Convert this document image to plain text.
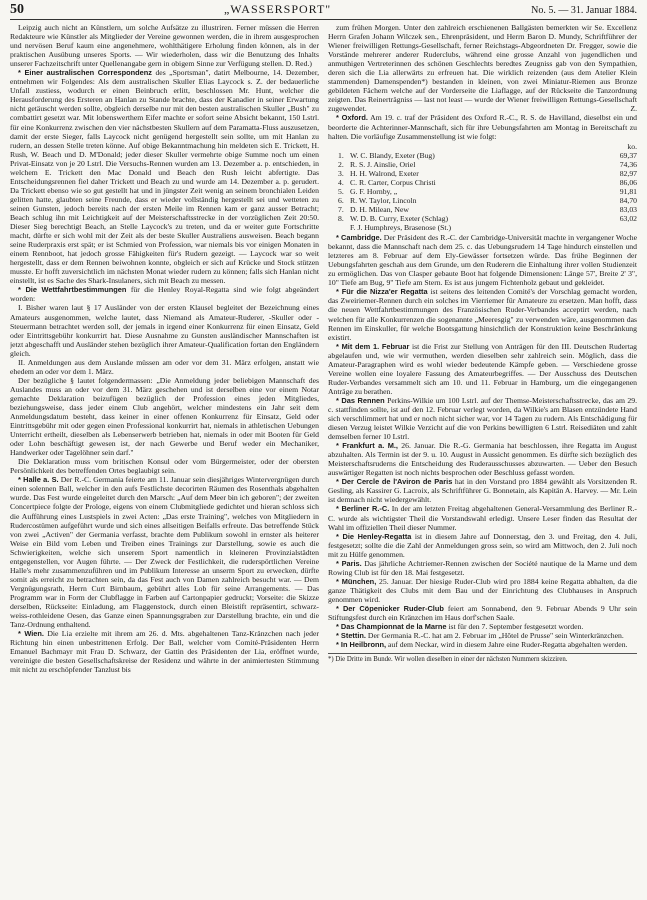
50	„WASSERSPORT"	No. 5. — 31. Januar 1884.

Leipzig auch nicht an Künstlern, um solche Aufsätze zu illustriren. Ferner müssen die Herren Redakteure wie Künstler als Mitglieder der Vereine gewonnen werden, die in ihrem ausgesprochen und nervösen Beruf kaum eine angenehmere, wohlthätigere Erholung finden können, als in der praktischen Ausübung unseres Sports. — Wir wiederholen, dass wir die Benutzung des Inhalts unserer Fachzeitschrift unter Quellenangabe gern in obigem Sinne zur Verfügung stellen. D. Red.)

* Einer australischen Correspondenz des „Sportsman", datirt Melbourne, 14. Dezember, entnehmen wir Folgendes: Als dem australischen Skuller Elias Laycock s. Z. der bedauerliche Unfall zustiess, wodurch er einen Beinbruch erlitt, beschlossen Mr. Hunt, welcher die Herausforderung des Ersteren an Hanlan zu Stande brachte, dass der Kanadier in seiner Erwartung nicht getäuscht werden sollte, obgleich derselbe nur mit den besten australischen Skuller „Bush" zu combattirt gesetzt war. Mit lobenswerthem Eifer machte er sofort seine Absicht bekannt, 150 Lstrl. für eine Konkurrenz zwischen den vier nächstbesten Skullern auf dem Paramatta-Fluss auszusetzen, damit der erste Sieger, falls Laycock nicht genügend hergestellt sein sollte, um mit Hanlan zu rudern, an dessen Stelle treten könne. Auf obige Bekanntmachung hin meldeten sich E. Trickett, H. Rush, W. Beach und D. M'Donald; jeder dieser Skuller vermehrte obige Summe noch um einen Privat-Einsatz von je 20 Lstrl. Die Versuchs-Rennen wurden am 13. Dezember a. p. entschieden, in welchem E. Trickett den Mac Donald und Beach den Rush leicht abfertigte. Das Entscheidungsrennen fiel daher Trickett und Beach zu und wurde am 14. Dezember a. p. gerudert. Da Trickett ebenso wie so gut gestellt hat und in jüngster Zeit wenig an seinem bronchialen Leiden gelitten hatte, glaubten seine Freunde, dass er wieder vollständig hergestellt sei und wetteten zu seinen Gunsten, jedoch bereits nach der ersten Meile im Rennen kam er ganz ausser Betracht; Beach schlug ihn mit Leichtigkeit auf der Meisterschaftsstrecke in der vorzüglichen Zeit 20:50. Dieser Sieg berechtigt Beach, an Stelle Laycock's zu treten, und da er weiter gute Fortschritte macht, dürfte er sich wohl mit der Zeit als der beste Skuller Australiens ausweisen. Beach begann seine Ruderpraxis erst spät; er ist Schmied von Profession, war niemals bis vor einigen Monaten in einem Rennboot, hat jedoch grosse Fähigkeiten für's Rudern gezeigt. — Laycock war so weit hergestellt, dass er dem Rennen beiwohnen konnte, obgleich er sich auf Krücke und Stock stützen musste. Er hofft zuversichtlich im nächsten Monat wieder rudern zu können; falls sich Hanlan nicht einstellt, ist es Sache des Shark-Insulaners, sich mit Beach zu messen.

* Die Wettfahrtbestimmungen für die Henley Royal-Regatta sind wie folgt abgeändert worden:

I. Bisher waren laut § 17 Ausländer von der ersten Klausel begleitet der Bezeichnung eines Amateurs ausgenommen, welche lautet, dass Niemand als Amateur-Ruderer, -Skuller oder -Steuermann betrachtet werden soll, der jemals in irgend einer Konkurrenz für einen Einsatz, Geld oder Eintrittsgebühr konkurrirt hat. Diese Ausnahme zu Gunsten ausländischer Mannschaften ist jetzt abgeschafft und Ausländer stehen bezüglich ihrer Amateur-Qualification fortan den Engländern gleich.

II. Anmeldungen aus dem Auslande müssen am oder vor dem 31. März erfolgen, anstatt wie ehedem an oder vor dem 1. März.

Der bezügliche § lautet folgendermassen: „Die Anmeldung jeder beliebigen Mannschaft des Auslandes muss an oder vor dem 31. März geschehen und ist derselben eine vor einem Notar gemachte Deklaration beizufügen bezüglich der Profession eines jeden Mitgliedes, beziehungsweise, dass jeder einem Club angehört, welcher mindestens ein Jahr seit dem Anmeldungsdatum besteht, dass keiner in einer offenen Konkurrenz für Einsatz, Geld oder Eintrittsgebühr mit oder gegen einen Professional konkurrirt hat, niemals in athletischen Uebungen Unterricht ertheilt, dieselben als Lebenserwerb betrieben hat, niemals in oder mit Booten für Geld oder Lohn beschäftigt gewesen ist, der nach Gewerbe und Beruf weder ein Mechaniker, Handwerker oder Tagelöhner sein darf."

Die Deklaration muss vom britischen Konsul oder vom Bürgermeister, oder der obersten Persönlichkeit des betreffenden Ortes beglaubigt sein.

* Halle a. S. Der R.-C. Germania feierte am 11. Januar sein diesjähriges Wintervergnügen durch einen solennen Ball, welcher in den aufs Festlichste decorirten Räumen des Rosenthals abgehalten wurde. Das Fest wurde eingeleitet durch den Marsch: „Auf dem Meer bin ich geboren"; der zweiten Concertpiece folgte der Prologe, eigens von einem Clubmitgliede gedichtet und hieran schloss sich die Aufführung eines Lustspiels in zwei Acten: „Das erste Training", welches von Mitgliedern in Rudercostümen aufgeführt wurde und sich eines allseitigen Beifalls erfreute. Das betreffende Stück von zwei „Activen" der Germania verfasst, brachte dem Publikum sowohl in ernster als heiterer Weise ein Bild vom Leben und Treiben eines Trainings zur Darstellung, sowie es auch die Schwierigkeiten, welche sich unserem Sport namentlich in kleineren Provinzialstädten entgegenstellen, vor Augen führte. — Der Zweck der Festlichkeit, die ruderspörtlichen Vereine Halle's mehr zusammenzuführen und im Publikum Interesse an unserm Sport zu erwecken, dürfte somit als erreicht zu betrachten sein, da das Fest auch von Damen zahlreich besucht war. — Dem Vergnügungsrath, Herrn Curt Birnbaum, gebührt alles Lob für seine Arrangements. — Das Programm war in Form der Clubflagge in Farben auf Cartonpapier gedruckt; Vorseite: die Skizze derselben, Rückseite: Einladung, am Flaggenstock, durch einen Bleistift repräsentirt, schwarz-weiss-rothleidene Oesen, das Ganze einen Spannungsgraben zur Darstellung brachte, ein und die Tanz-Ordnung enthaltend.

* Wien. Die Lia erzielte mit ihrem am 26. d. Mts. abgehaltenen Tanz-Kränzchen nach jeder Richtung hin einen unbestrittenen Erfolg. Der Ball, welcher vom Comité-Präsidenten Herrn Emanuel Bachmayr mit Frau D. Schwarz, der Gattin des Präsidenten der Lia, eröffnet wurde, vereinigte die besten Gesellschaftskreise der Residenz und währte in der animiertesten Stimmung mit nicht zu erschöpfender Tanzlust bis

zum frühen Morgen. Unter den zahlreich erschienenen Ballgästen bemerkten wir Se. Excellenz Herrn Grafen Johann Wilczek sen., Ehrenpräsident, und Herrn Baron D. Mundy, Schriftführer der Wiener freiwilligen Rettungs-Gesellschaft, ferner Reichstags-Abgeordneten Dr. Fregger, sowie die Vorstände mehrerer anderer Ruderclubs, während eine grosse Anzahl von jugendlichen und anmuthigen Vertreterinnen des schönen Geschlechts beredtes Zeugniss gab von den Sympathien, deren sich die Lia allerwärts zu erfreuen hat. Die wirklich reizenden (aus dem Atelier Klein stammenden) Damenspenden*) bestanden in kleinen, von zwei Miniatur-Riemen aus Bronze gebildeten Fächern welche auf der Vorderseite die Liaflagge, auf der Rückseite die Tanzordnung zeigten. Das Reinerträgniss — last not least — wurde der Wiener freiwilligen Rettungs-Gesellschaft zugewendet.	Z.

* Oxford. Am 19. c. traf der Präsident des Oxford R.-C., R. S. de Havilland, dieselbst ein und beorderte die Achterinner-Mannschaft, sich für ihre Uebungsfahrten am Montag in Bereitschaft zu halten. Die vorläufige Zusammenstellung ist wie folgt:

ko.
1. W. C. Blandy, Exeter (Bug)	69,37
2. R. S. J. Ainslie, Oriel	74,36
3. H. H. Walrond, Exeter	82,97
4. C. R. Carter, Corpus Christi	86,06
5. G. F. Hornby, „	91,81
6. R. W. Taylor, Lincoln	84,70
7. D. H. Milean, New	83,03
8. W. D. B. Curry, Exeter (Schlag)	63,02
F. J. Humphreys, Brasenose (St.)

* Cambridge. Der Präsident des R.-C. der Cambridge-Universität machte in vergangener Woche bekannt, dass die Mannschaft nach dem 25. c. das Uebungsrudern 14 Tage hindurch einstellen und letzteres am 8. Februar auf dem Ely-Gewässer fortsetzen würde. Das frühe Beginnen der Uebungsfahrten geschah aus dem Grunde, um den Ruderern die Einhaltung ihrer vollen Studienzeit zu ermöglichen. Das von Clasper gebaute Boot hat folgende Dimensionen: Länge 57', Breite 2' 3", 10" Tiefe am Bug, 9" Tiefe am Stern. Es ist aus jungem Fichtenholz gebaut und gekleidet.

* Für die Nizza'er Regatta ist seitens des leitenden Comité's der Vorschlag gemacht worden, das Zweiriemer-Rennen durch ein solches im Vierriemer für Amateure zu ersetzen. Man hofft, dass die neuen Wettfahrtbestimmungen des Französischen Ruder-Verbandes acceptirt werden, nach welchen für alle Konkurrenzen die sogenannte „Meeresgig" zu verwenden wäre, ausgenommen das Rennen im Einskuller, für welche Bootsgattung hinsichtlich der Konstruktion keine Beschränkung existirt.

* Mit dem 1. Februar ist die Frist zur Stellung von Anträgen für den III. Deutschen Rudertag abgelaufen und, wie wir vermuthen, werden dieselben sehr zahlreich sein. Möglich, dass die Amateur-Paragraphen wird es wohl wieder bedeutende Kämpfe geben. — Verschiedene grosse Vereine wollen eine loyalere Fassung des Amateurbegriffes. — Der Ausschuss des Deutschen Ruder-Verbandes versammelt sich am 10. und 11. Februar in Hamburg, um die eingegangenen Anträge zu berathen.

* Das Rennen Perkins-Wilkie um 100 Lstrl. auf der Themse-Meisterschaftsstrecke, das am 29. c. stattfinden sollte, ist auf den 12. Februar verlegt worden, da Wilkie's am Blasen entzündete Hand sich verschlimmert hat und er noch nicht sicher war, vor 14 Tagen zu rudern. Als Entschädigung für diesen Verzug leistet Wilkie Verzicht auf die von Perkins bewilligten 6 Lstrl. Reisediäten und zahlt demselben ferner 10 Lstrl.

* Frankfurt a. M., 26. Januar. Die R.-G. Germania hat beschlossen, ihre Regatta im August abzuhalten. Als Termin ist der 9. u. 10. August in Aussicht genommen. Es dürfte sich bezüglich des Meisterschaftsruderns die Entscheidung des Ruderausschusses abzuwarten. — Ueber den Besuch auswärtiger Regatten ist noch nichts besprochen oder Beschluss gefasst worden.

* Der Cercle de l'Aviron de Paris hat in den Vorstand pro 1884 gewählt als Vorsitzenden R. Gesling, als Kassirer G. Lacroix, als Schriftführer G. Bonnetain, als Kapitän A. Harvey. — Mr. Lein ist demnach nicht wiedergewählt.

* Berliner R.-C. In der am letzten Freitag abgehaltenen General-Versammlung des Berliner R.-C. wurde als wichtigster Theil die Vorstandswahl erledigt. Unsere Leser finden das Resultat der Wahl im offiziellen Theil dieser Nummer.

* Die Henley-Regatta ist in diesem Jahre auf Donnerstag, den 3. und Freitag, den 4. Juli, festgesetzt; sollte die die Zahl der Anmeldungen gross sein, so wird am Mittwoch, den 2. Juli noch mit zu Hülfe genommen.

* Paris. Das jährliche Achtriemer-Rennen zwischen der Société nautique de la Marne und dem Rowing Club ist für den 18. Mai festgesetzt.

* München, 25. Januar. Der hiesige Ruder-Club wird pro 1884 keine Regatta abhalten, da die ganze Thätigkeit des Clubs mit dem Bau und der Einrichtung des Clubhauses in Anspruch genommen wird.

* Der Cöpenicker Ruder-Club feiert am Sonnabend, den 9. Februar Abends 9 Uhr sein Stiftungsfest durch ein Kränzchen im Haus dorf'schen Saale.

* Das Championnat de la Marne ist für den 7. September festgesetzt worden.

* Stettin. Der Germania R.-C. hat am 2. Februar im „Hôtel de Prusse" sein Winterkränzchen.

* In Heilbronn, auf dem Neckar, wird in diesem Jahre eine Ruder-Regatta abgehalten werden.

*) Die Dritte im Bunde. Wir wollen dieselben in einer der nächsten Nummern skizziren.
